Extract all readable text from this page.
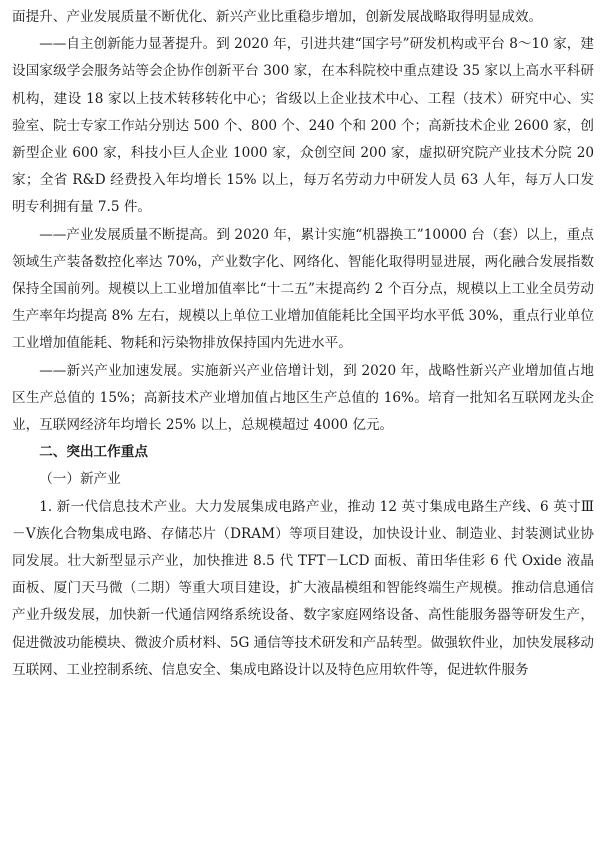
面提升、产业发展质量不断优化、新兴产业比重稳步增加，创新发展战略取得明显成效。

——自主创新能力显著提升。到 2020 年，引进共建“国字号”研发机构或平台 8～10 家，建设国家级学会服务站等会企协作创新平台 300 家，在本科院校中重点建设 35 家以上高水平科研机构，建设 18 家以上技术转移转化中心；省级以上企业技术中心、工程（技术）研究中心、实验室、院士专家工作站分别达 500 个、800 个、240 个和 200 个；高新技术企业 2600 家，创新型企业 600 家，科技小巨人企业 1000 家，众创空间 200 家，虚拟研究院产业技术分院 20 家；全省 R&D 经费投入年均增长 15% 以上，每万名劳动力中研发人员 63 人年，每万人口发明专利拥有量 7.5 件。

——产业发展质量不断提高。到 2020 年，累计实施“机器换工”10000 台（套）以上，重点领域生产装备数控化率达 70%，产业数字化、网络化、智能化取得明显进展，两化融合发展指数保持全国前列。规模以上工业增加值率比“十二五”末提高约 2 个百分点，规模以上工业全员劳动生产率年均提高 8% 左右，规模以上单位工业增加值能耗比全国平均水平低 30%，重点行业单位工业增加值能耗、物耗和污染物排放保持国内先进水平。

——新兴产业加速发展。实施新兴产业倍增计划，到 2020 年，战略性新兴产业增加值占地区生产总值的 15%；高新技术产业增加值占地区生产总值的 16%。培育一批知名互联网龙头企业，互联网经济年均增长 25% 以上，总规模超过 4000 亿元。

二、突出工作重点

（一）新产业

1. 新一代信息技术产业。大力发展集成电路产业，推动 12 英寸集成电路生产线、6 英寸Ⅲ－Ⅴ族化合物集成电路、存储芯片（DRAM）等项目建设，加快设计业、制造业、封装测试业协同发展。壮大新型显示产业，加快推进 8.5 代 TFT－LCD 面板、莆田华佳彩 6 代 Oxide 液晶面板、厦门天马微（二期）等重大项目建设，扩大液晶模组和智能终端生产规模。推动信息通信产业升级发展，加快新一代通信网络系统设备、数字家庭网络设备、高性能服务器等研发生产，促进微波功能模块、微波介质材料、5G 通信等技术研发和产品转型。做强软件业，加快发展移动互联网、工业控制系统、信息安全、集成电路设计以及特色应用软件等，促进软件服务
